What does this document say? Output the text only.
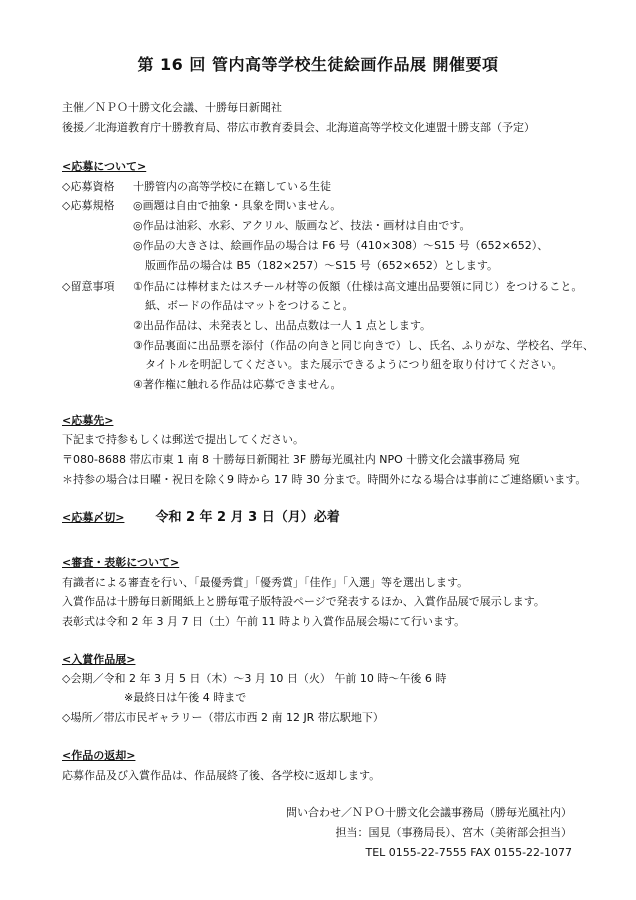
第 16 回 管内高等学校生徒絵画作品展 開催要項
主催／ＮＰＯ十勝文化会議、十勝毎日新聞社
後援／北海道教育庁十勝教育局、帯広市教育委員会、北海道高等学校文化連盟十勝支部（予定）
<応募について>
◇応募資格 十勝管内の高等学校に在籍している生徒
◇応募規格 ◎画題は自由で抽象・具象を問いません。
◎作品は油彩、水彩、アクリル、版画など、技法・画材は自由です。
◎作品の大きさは、絵画作品の場合は F6 号（410×308）～S15 号（652×652）、
版画作品の場合は B5（182×257）～S15 号（652×652）とします。
◇留意事項 ①作品には棒材またはスチール材等の仮額（仕様は高文連出品要領に同じ）をつけること。
紙、ボードの作品はマットをつけること。
②出品作品は、未発表とし、出品点数は一人 1 点とします。
③作品裏面に出品票を添付（作品の向きと同じ向きで）し、氏名、ふりがな、学校名、学年、
タイトルを明記してください。また展示できるようにつり紐を取り付けてください。
④著作権に触れる作品は応募できません。
<応募先>
下記まで持参もしくは郵送で提出してください。
〒080-8688 帯広市東 1 南 8 十勝毎日新聞社 3F 勝毎光風社内 NPO 十勝文化会議事務局 宛
＊持参の場合は日曜・祝日を除く9 時から 17 時 30 分まで。時間外になる場合は事前にご連絡願います。
<応募〆切> 令和 2 年 2 月 3 日（月）必着
<審査・表彰について>
有識者による審査を行い、「最優秀賞」「優秀賞」「佳作」「入選」等を選出します。
入賞作品は十勝毎日新聞紙上と勝毎電子版特設ページで発表するほか、入賞作品展で展示します。
表彰式は令和 2 年 3 月 7 日（土）午前 11 時より入賞作品展会場にて行います。
<入賞作品展>
◇会期／令和 2 年 3 月 5 日（木）～3 月 10 日（火） 午前 10 時～午後 6 時
※最終日は午後 4 時まで
◇場所／帯広市民ギャラリー（帯広市西 2 南 12 JR 帯広駅地下）
<作品の返却>
応募作品及び入賞作品は、作品展終了後、各学校に返却します。
問い合わせ／ＮＰＯ十勝文化会議事務局（勝毎光風社内）
担当：国見（事務局長）、宮木（美術部会担当）
TEL 0155-22-7555 FAX 0155-22-1077
